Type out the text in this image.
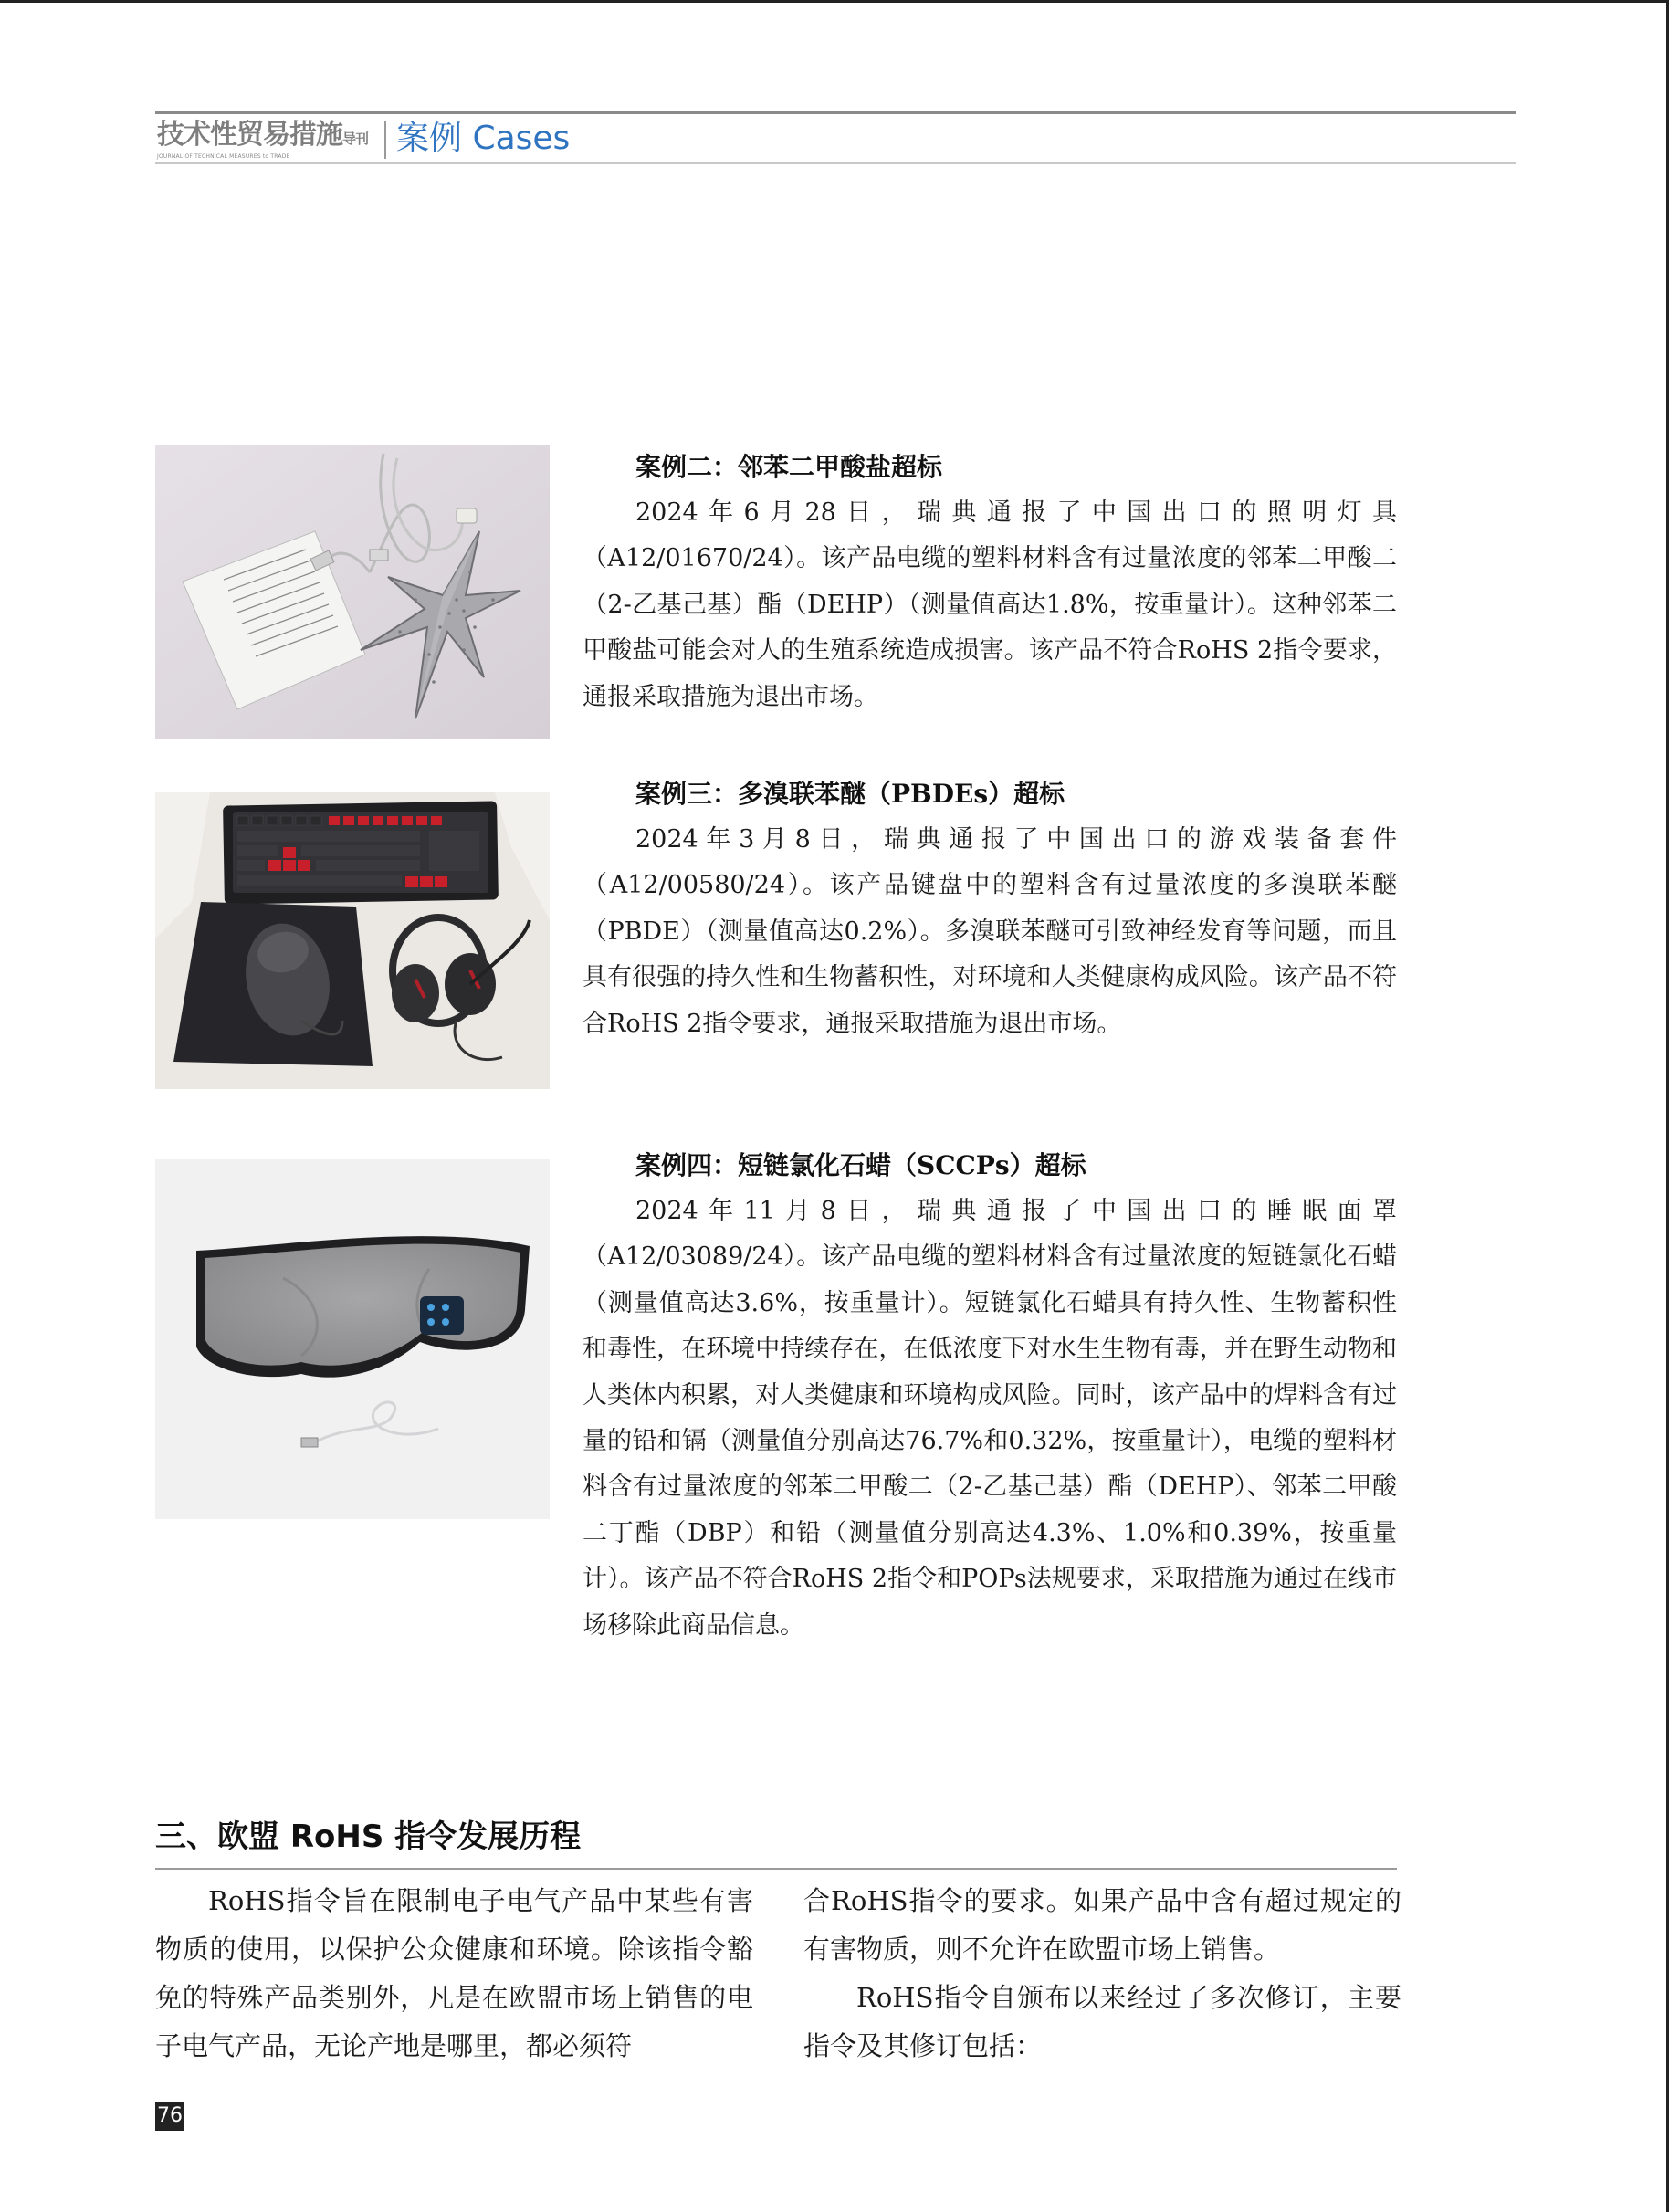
技术性贸易措施导刊
JOURNAL OF TECHNICAL MEASURES to TRADE	案例 Cases
案例二：邻苯二甲酸盐超标

2024年6月28日，瑞典通报了中国出口的照明灯具（A12/01670/24）。该产品电缆的塑料材料含有过量浓度的邻苯二甲酸二（2-乙基己基）酯（DEHP）（测量值高达1.8%，按重量计）。这种邻苯二甲酸盐可能会对人的生殖系统造成损害。该产品不符合RoHS 2指令要求，通报采取措施为退出市场。

案例三：多溴联苯醚（PBDEs）超标

2024年3月8日，瑞典通报了中国出口的游戏装备套件（A12/00580/24）。该产品键盘中的塑料含有过量浓度的多溴联苯醚（PBDE）（测量值高达0.2%）。多溴联苯醚可引致神经发育等问题，而且具有很强的持久性和生物蓄积性，对环境和人类健康构成风险。该产品不符合RoHS 2指令要求，通报采取措施为退出市场。

案例四：短链氯化石蜡（SCCPs）超标

2024年11月8日，瑞典通报了中国出口的睡眠面罩（A12/03089/24）。该产品电缆的塑料材料含有过量浓度的短链氯化石蜡（测量值高达3.6%，按重量计）。短链氯化石蜡具有持久性、生物蓄积性和毒性，在环境中持续存在，在低浓度下对水生生物有毒，并在野生动物和人类体内积累，对人类健康和环境构成风险。同时，该产品中的焊料含有过量的铅和镉（测量值分别高达76.7%和0.32%，按重量计），电缆的塑料材料含有过量浓度的邻苯二甲酸二（2-乙基己基）酯（DEHP）、邻苯二甲酸二丁酯（DBP）和铅（测量值分别高达4.3%、1.0%和0.39%，按重量计）。该产品不符合RoHS 2指令和POPs法规要求，采取措施为通过在线市场移除此商品信息。

三、欧盟 RoHS 指令发展历程

RoHS指令旨在限制电子电气产品中某些有害物质的使用，以保护公众健康和环境。除该指令豁免的特殊产品类别外，凡是在欧盟市场上销售的电子电气产品，无论产地是哪里，都必须符

合RoHS指令的要求。如果产品中含有超过规定的有害物质，则不允许在欧盟市场上销售。

RoHS指令自颁布以来经过了多次修订，主要指令及其修订包括：

76
